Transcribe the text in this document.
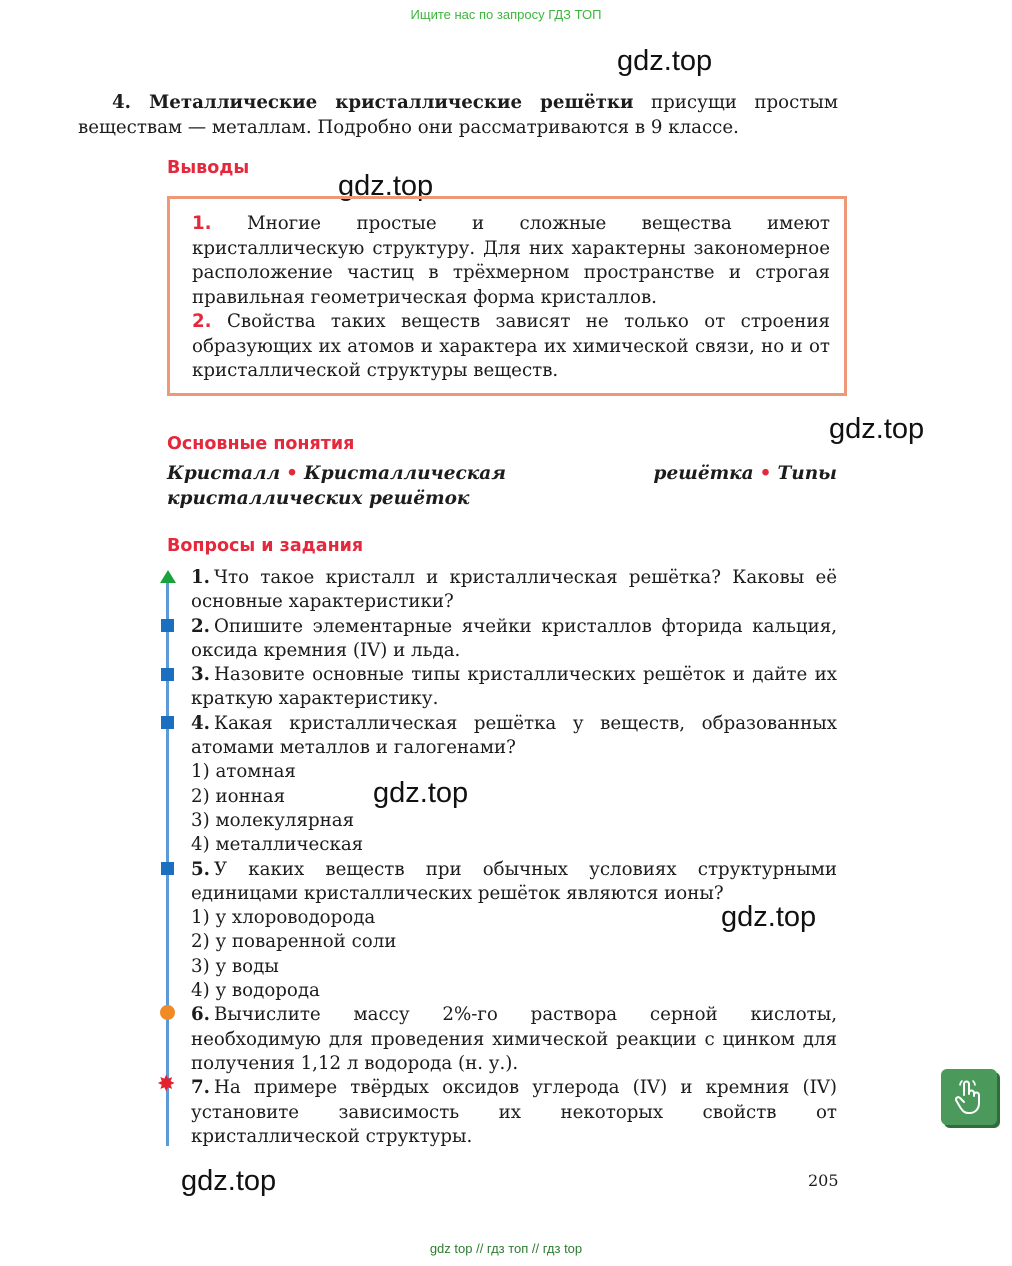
Ищите нас по запросу ГДЗ ТОП
gdz.top
gdz.top
gdz.top
gdz.top
gdz.top
gdz.top

4. Металлические кристаллические решётки присущи простым веществам — металлам. Подробно они рассматриваются в 9 классе.

Выводы

1. Многие простые и сложные вещества имеют кристаллическую структуру. Для них характерны закономерное расположение частиц в трёхмерном пространстве и строгая правильная геометрическая форма кристаллов.

2. Свойства таких веществ зависят не только от строения образующих их атомов и характера их химической связи, но и от кристаллической структуры веществ.

Основные понятия

Кристалл • Кристаллическая решётка • Типы кристаллических решёток

Вопросы и задания
✸

1. Что такое кристалл и кристаллическая решётка? Каковы её основные характеристики?

2. Опишите элементарные ячейки кристаллов фторида кальция, оксида кремния (IV) и льда.

3. Назовите основные типы кристаллических решёток и дайте их краткую характеристику.

4. Какая кристаллическая решётка у веществ, образованных атомами металлов и галогенами?

1) атомная

2) ионная

3) молекулярная

4) металлическая

5. У каких веществ при обычных условиях структурными единицами кристаллических решёток являются ионы?

1) у хлороводорода

2) у поваренной соли

3) у воды

4) у водорода

6. Вычислите массу 2%-го раствора серной кислоты, необходимую для проведения химической реакции с цинком для получения 1,12 л водорода (н. у.).

7. На примере твёрдых оксидов углерода (IV) и кремния (IV) установите зависимость их некоторых свойств от кристаллической структуры.

205
gdz top // гдз топ // гдз top
